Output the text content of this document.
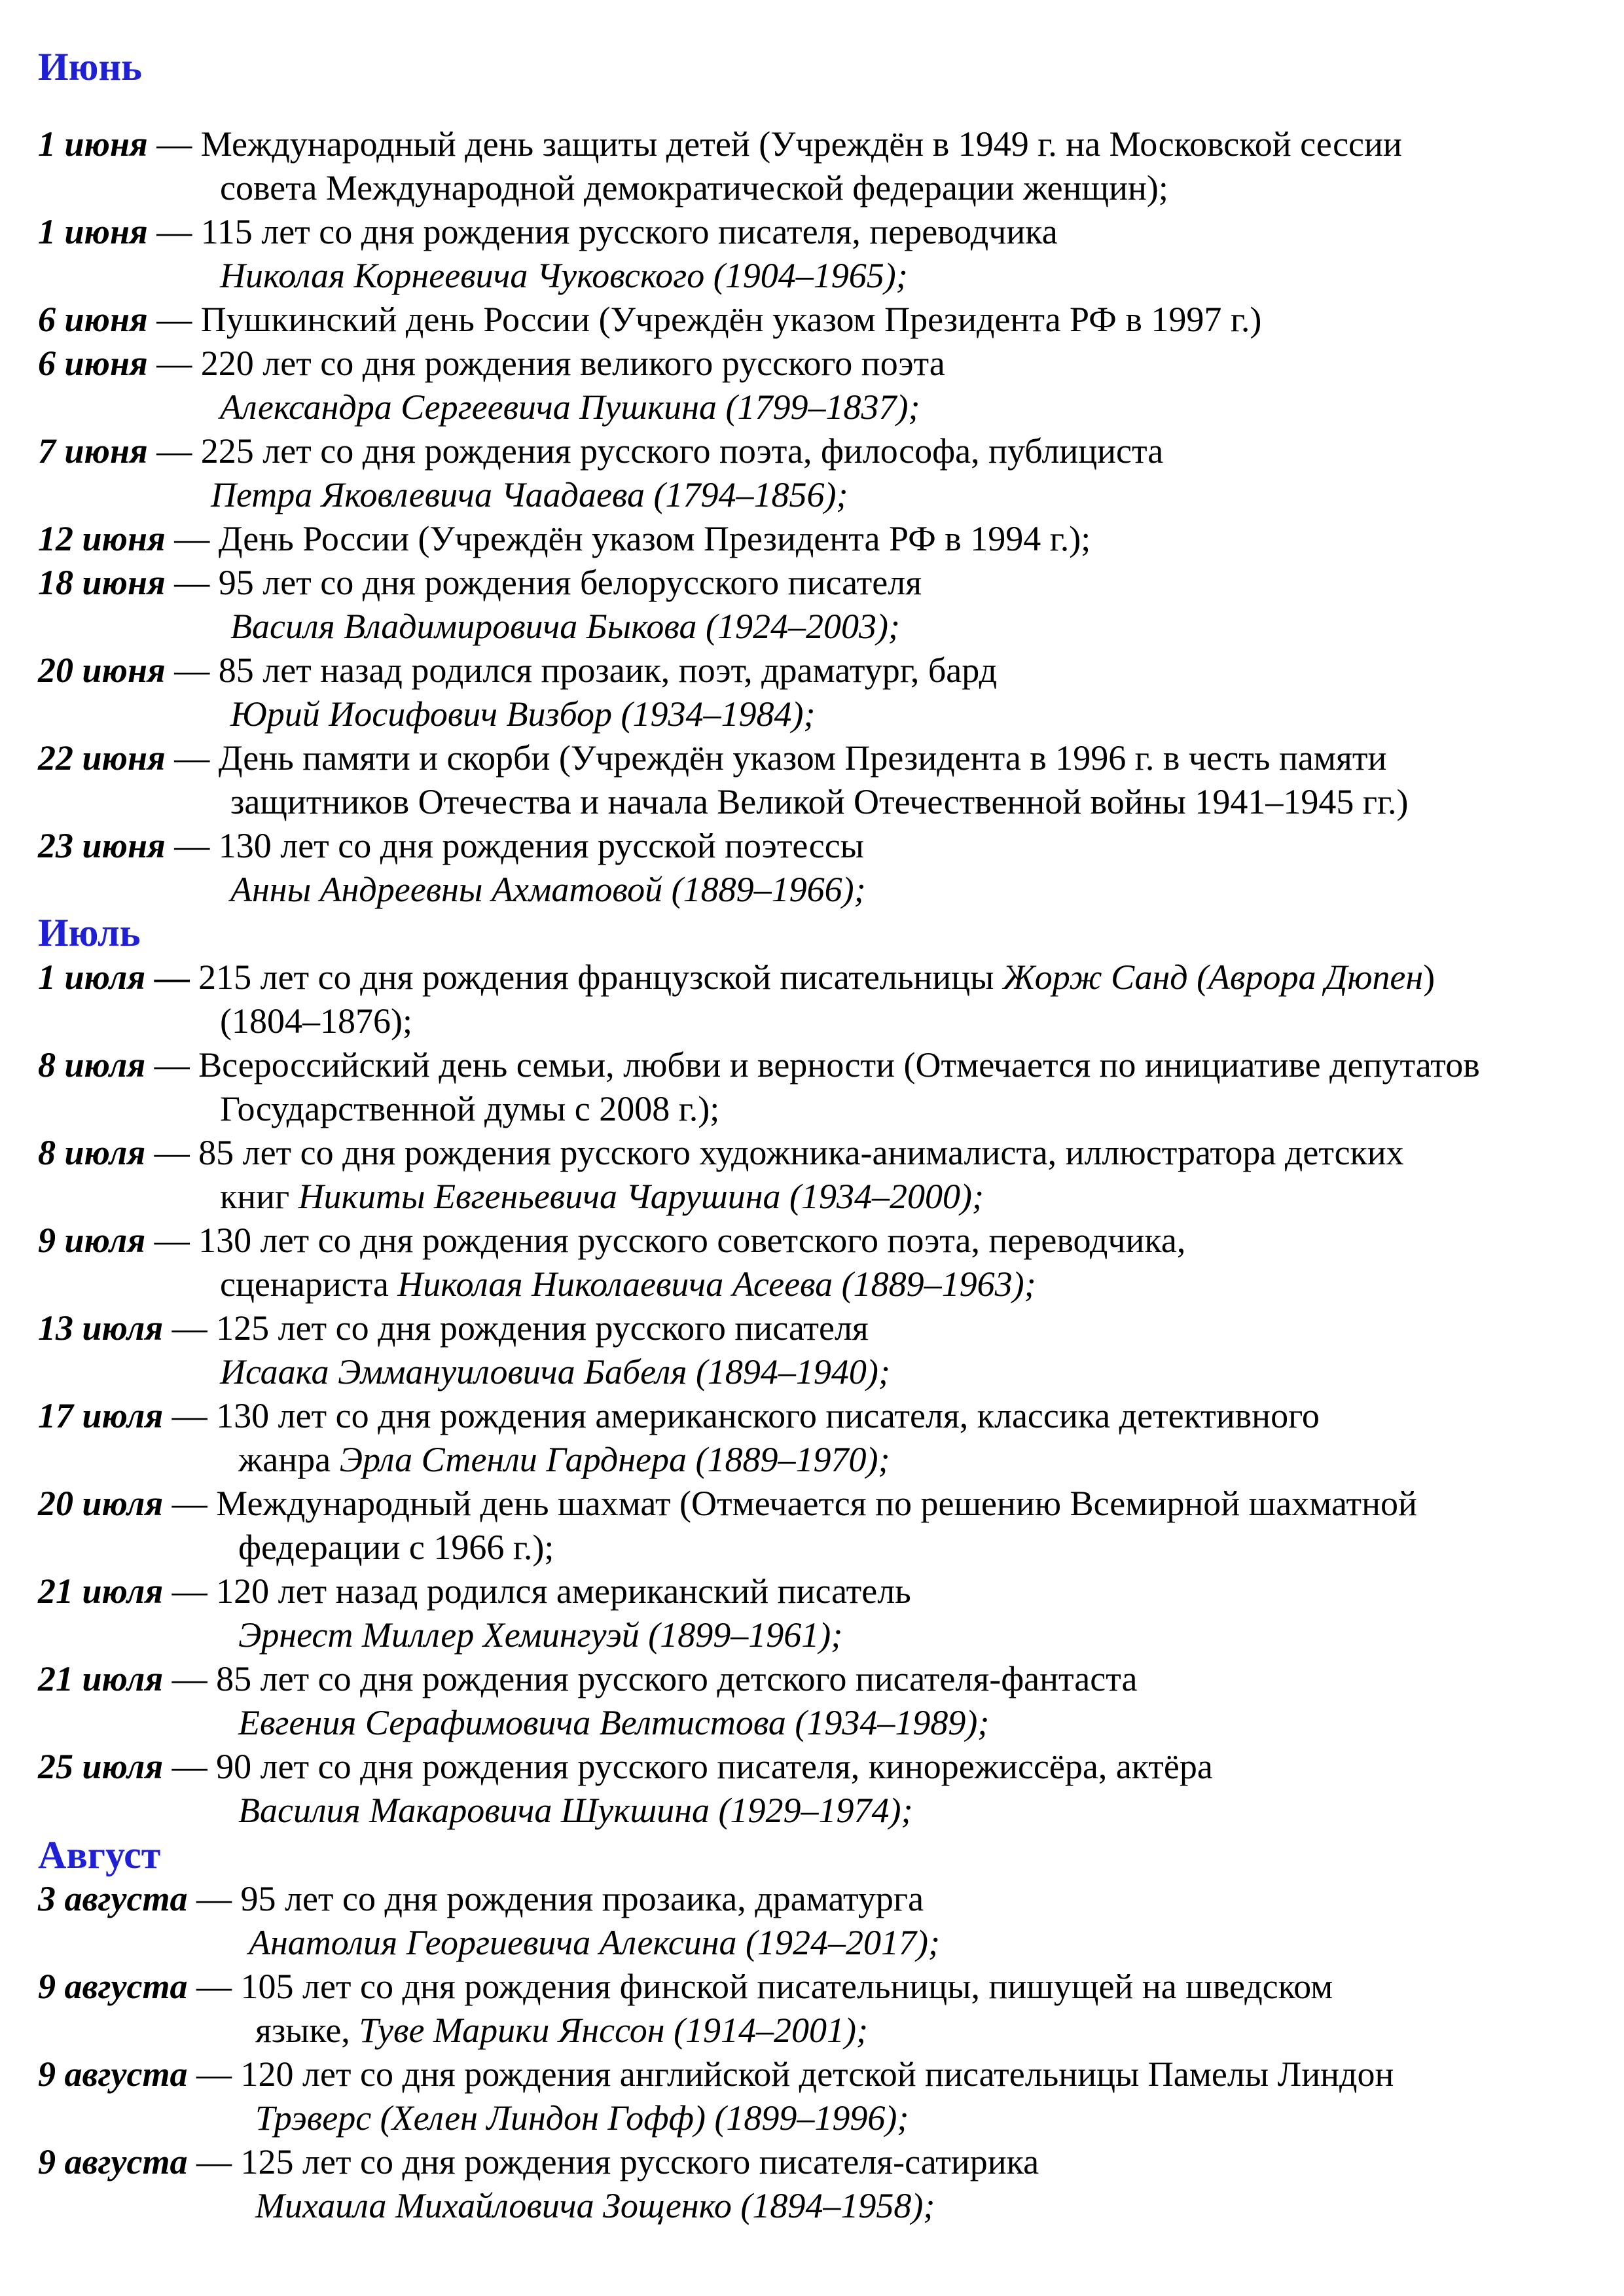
Июнь
1 июня — Международный день защиты детей (Учреждён в 1949 г. на Московской сессии
совета Международной демократической федерации женщин);
1 июня — 115 лет со дня рождения русского писателя, переводчика
Николая Корнеевича Чуковского (1904–1965);
6 июня — Пушкинский день России (Учреждён указом Президента РФ в 1997 г.)
6 июня — 220 лет со дня рождения великого русского поэта
Александра Сергеевича Пушкина (1799–1837);
7 июня — 225 лет со дня рождения русского поэта, философа, публициста
Петра Яковлевича Чаадаева (1794–1856);
12 июня — День России (Учреждён указом Президента РФ в 1994 г.);
18 июня — 95 лет со дня рождения белорусского писателя
Василя Владимировича Быкова (1924–2003);
20 июня — 85 лет назад родился прозаик, поэт, драматург, бард
Юрий Иосифович Визбор (1934–1984);
22 июня — День памяти и скорби (Учреждён указом Президента в 1996 г. в честь памяти
защитников Отечества и начала Великой Отечественной войны 1941–1945 гг.)
23 июня — 130 лет со дня рождения русской поэтессы
Анны Андреевны Ахматовой (1889–1966);
Июль
1 июля — 215 лет со дня рождения французской писательницы Жорж Санд (Аврора Дюпен)
(1804–1876);
8 июля — Всероссийский день семьи, любви и верности (Отмечается по инициативе депутатов
Государственной думы с 2008 г.);
8 июля — 85 лет со дня рождения русского художника-анималиста, иллюстратора детских
книг Никиты Евгеньевича Чарушина (1934–2000);
9 июля — 130 лет со дня рождения русского советского поэта, переводчика,
сценариста Николая Николаевича Асеева (1889–1963);
13 июля — 125 лет со дня рождения русского писателя
Исаака Эммануиловича Бабеля (1894–1940);
17 июля — 130 лет со дня рождения американского писателя, классика детективного
жанра Эрла Стенли Гарднера (1889–1970);
20 июля — Международный день шахмат (Отмечается по решению Всемирной шахматной
федерации с 1966 г.);
21 июля — 120 лет назад родился американский писатель
Эрнест Миллер Хемингуэй (1899–1961);
21 июля — 85 лет со дня рождения русского детского писателя-фантаста
Евгения Серафимовича Велтистова (1934–1989);
25 июля — 90 лет со дня рождения русского писателя, кинорежиссёра, актёра
Василия Макаровича Шукшина (1929–1974);
Август
3 августа — 95 лет со дня рождения прозаика, драматурга
Анатолия Георгиевича Алексина (1924–2017);
9 августа — 105 лет со дня рождения финской писательницы, пишущей на шведском
языке, Туве Марики Янссон (1914–2001);
9 августа — 120 лет со дня рождения английской детской писательницы Памелы Линдон
Трэверс (Хелен Линдон Гофф) (1899–1996);
9 августа — 125 лет со дня рождения русского писателя-сатирика
Михаила Михайловича Зощенко (1894–1958);
